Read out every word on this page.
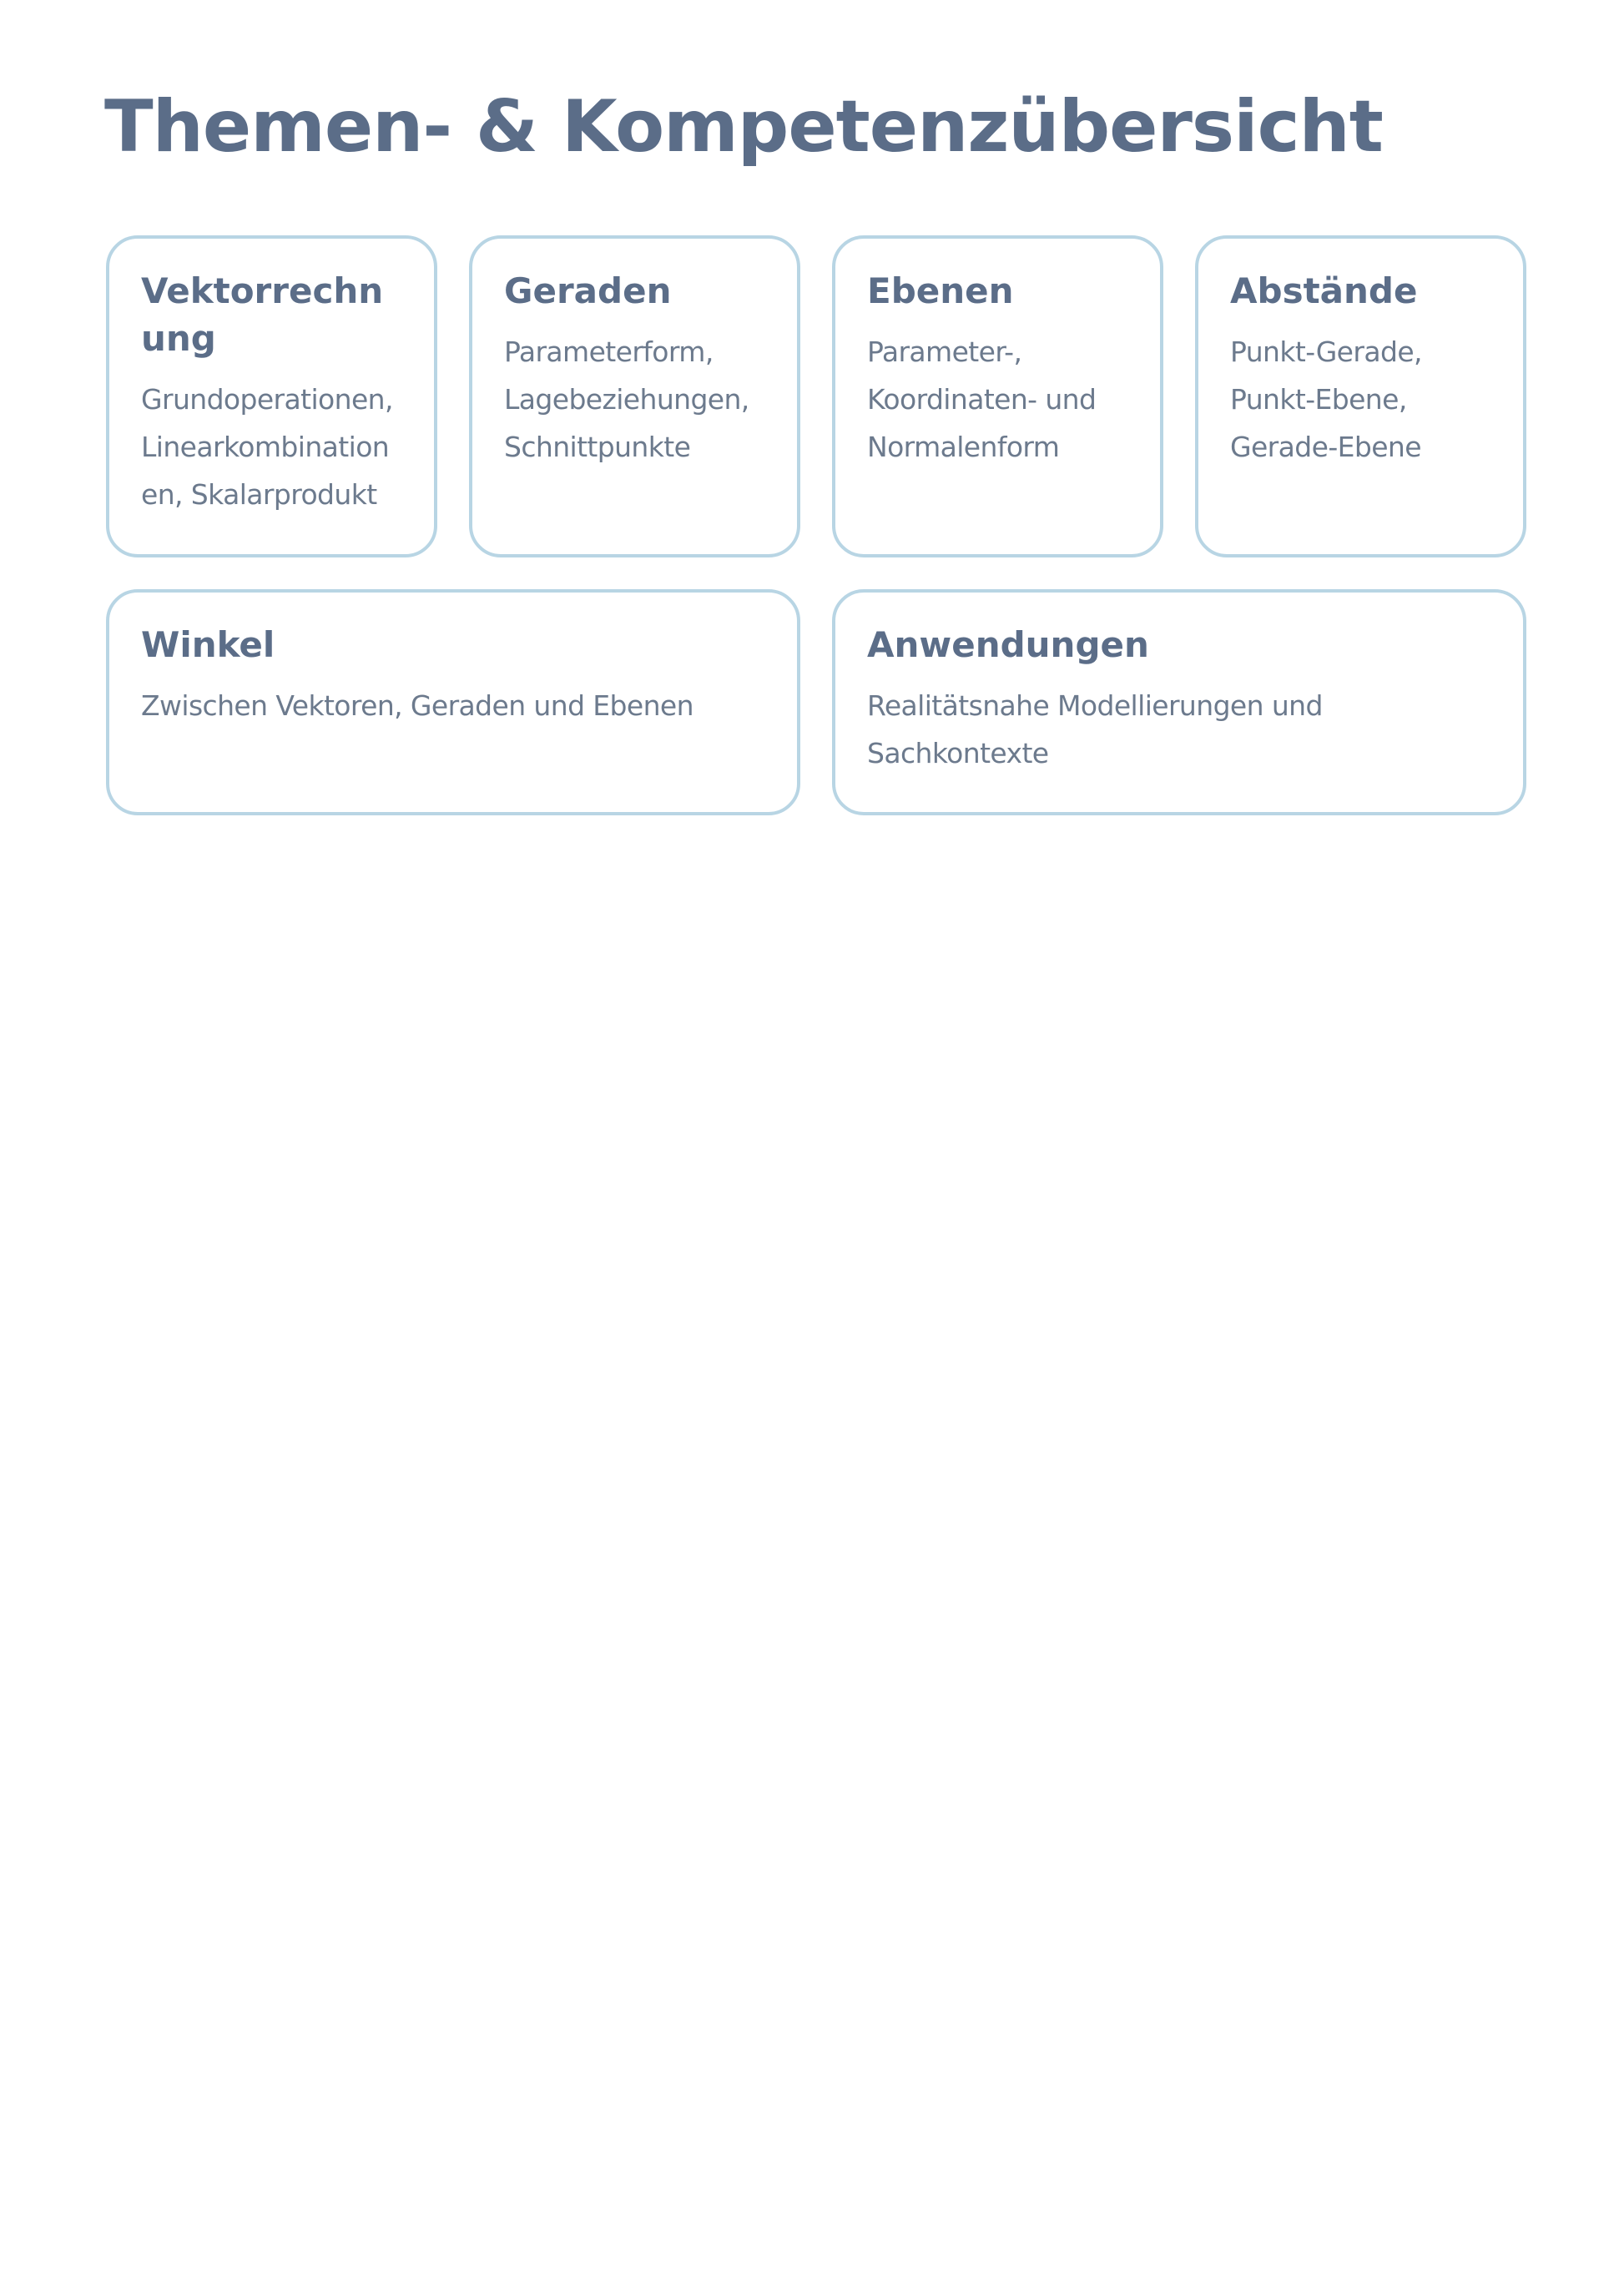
Themen- & Kompetenzübersicht
Vektorrechnung

Grundoperationen, Linearkombinationen, Skalarprodukt

Geraden

Parameterform, Lagebeziehungen, Schnittpunkte

Ebenen

Parameter-, Koordinaten- und Normalenform

Abstände

Punkt-Gerade, Punkt-Ebene, Gerade-Ebene

Winkel

Zwischen Vektoren, Geraden und Ebenen

Anwendungen

Realitätsnahe Modellierungen und Sachkontexte
